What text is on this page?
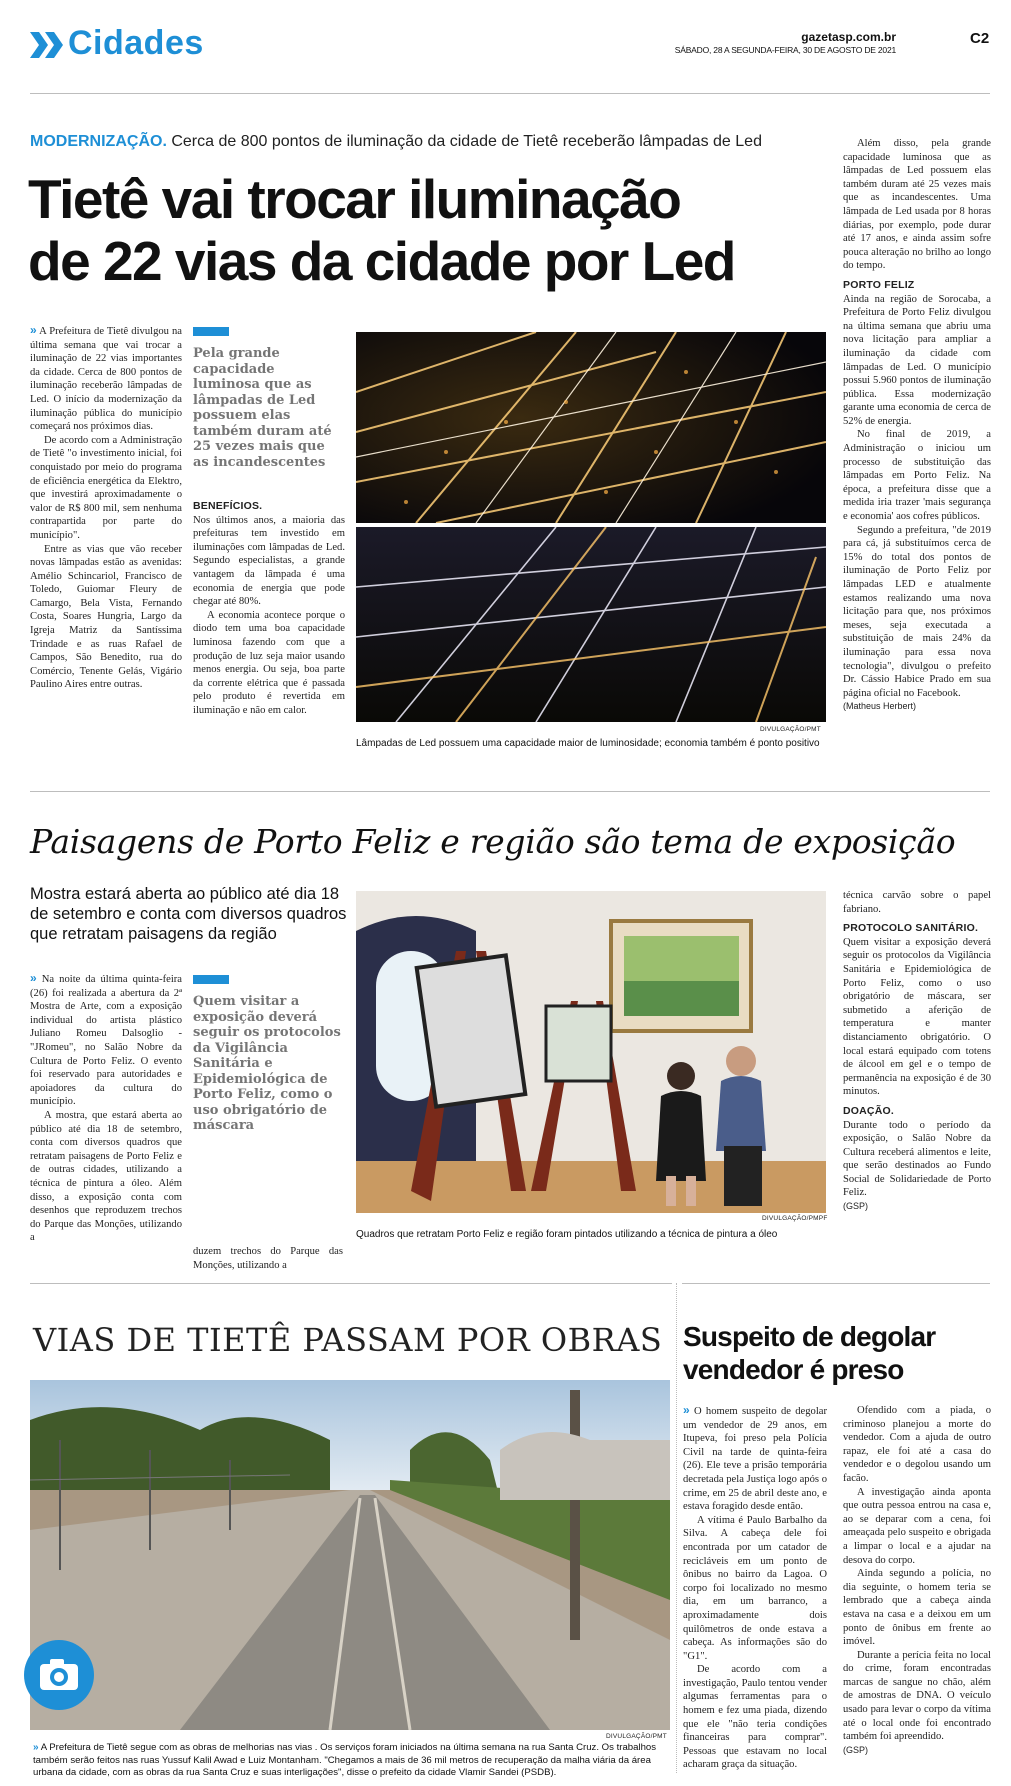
Cidades	gazetasp.com.br
SÁBADO, 28 A SEGUNDA-FEIRA, 30 DE AGOSTO DE 2021
C2
MODERNIZAÇÃO. Cerca de 800 pontos de iluminação da cidade de Tietê receberão lâmpadas de Led
Tietê vai trocar iluminação
de 22 vias da cidade por Led

» A Prefeitura de Tietê divulgou na última semana que vai trocar a iluminação de 22 vias importantes da cidade. Cerca de 800 pontos de iluminação receberão lâmpadas de Led. O início da modernização da iluminação pública do município começará nos próximos dias.

De acordo com a Administração de Tietê "o investimento inicial, foi conquistado por meio do programa de eficiência energética da Elektro, que investirá aproximadamente o valor de R$ 800 mil, sem nenhuma contrapartida por parte do município".

Entre as vias que vão receber novas lâmpadas estão as avenidas: Amélio Schincariol, Francisco de Toledo, Guiomar Fleury de Camargo, Bela Vista, Fernando Costa, Soares Hungria, Largo da Igreja Matriz da Santíssima Trindade e as ruas Rafael de Campos, São Benedito, rua do Comércio, Tenente Gelás, Vigário Paulino Aires entre outras.

Pela grande capacidade luminosa que as lâmpadas de Led possuem elas também duram até 25 vezes mais que as incandescentes

BENEFÍCIOS.

Nos últimos anos, a maioria das prefeituras tem investido em iluminações com lâmpadas de Led. Segundo especialistas, a grande vantagem da lâmpada é uma economia de energia que pode chegar até 80%.

A economia acontece porque o diodo tem uma boa capacidade luminosa fazendo com que a produção de luz seja maior usando menos energia. Ou seja, boa parte da corrente elétrica que é passada pelo produto é revertida em iluminação e não em calor.

DIVULGAÇÃO/PMT
Lâmpadas de Led possuem uma capacidade maior de luminosidade; economia também é ponto positivo

Além disso, pela grande capacidade luminosa que as lâmpadas de Led possuem elas também duram até 25 vezes mais que as incandescentes. Uma lâmpada de Led usada por 8 horas diárias, por exemplo, pode durar até 17 anos, e ainda assim sofre pouca alteração no brilho ao longo do tempo.

PORTO FELIZ

Ainda na região de Sorocaba, a Prefeitura de Porto Feliz divulgou na última semana que abriu uma nova licitação para ampliar a iluminação da cidade com lâmpadas de Led. O município possui 5.960 pontos de iluminação pública. Essa modernização garante uma economia de cerca de 52% de energia.

No final de 2019, a Administração o iniciou um processo de substituição das lâmpadas em Porto Feliz. Na época, a prefeitura disse que a medida iria trazer 'mais segurança e economia' aos cofres públicos.

Segundo a prefeitura, "de 2019 para cá, já substituímos cerca de 15% do total dos pontos de iluminação de Porto Feliz por lâmpadas LED e atualmente estamos realizando uma nova licitação para que, nos próximos meses, seja executada a substituição de mais 24% da iluminação para essa nova tecnologia", divulgou o prefeito Dr. Cássio Habice Prado em sua página oficial no Facebook.

(Matheus Herbert)

Paisagens de Porto Feliz e região são tema de exposição
Mostra estará aberta ao público até dia 18 de setembro e conta com diversos quadros que retratam paisagens da região

» Na noite da última quinta-feira (26) foi realizada a abertura da 2ª Mostra de Arte, com a exposição individual do artista plástico Juliano Romeu Dalsoglio - "JRomeu", no Salão Nobre da Cultura de Porto Feliz. O evento foi reservado para autoridades e apoiadores da cultura do município.

A mostra, que estará aberta ao público até dia 18 de setembro, conta com diversos quadros que retratam paisagens de Porto Feliz e de outras cidades, utilizando a técnica de pintura a óleo. Além disso, a exposição conta com desenhos que reproduzem trechos do Parque das Monções, utilizando a

Quem visitar a exposição deverá seguir os protocolos da Vigilância Sanitária e Epidemiológica de Porto Feliz, como o uso obrigatório de máscara

duzem trechos do Parque das Monções, utilizando a

DIVULGAÇÃO/PMPF
Quadros que retratam Porto Feliz e região foram pintados utilizando a técnica de pintura a óleo

técnica carvão sobre o papel fabriano.

PROTOCOLO SANITÁRIO.

Quem visitar a exposição deverá seguir os protocolos da Vigilância Sanitária e Epidemiológica de Porto Feliz, como o uso obrigatório de máscara, ser submetido a aferição de temperatura e manter distanciamento obrigatório. O local estará equipado com totens de álcool em gel e o tempo de permanência na exposição é de 30 minutos.

DOAÇÃO.

Durante todo o período da exposição, o Salão Nobre da Cultura receberá alimentos e leite, que serão destinados ao Fundo Social de Solidariedade de Porto Feliz.

(GSP)

VIAS DE TIETÊ PASSAM POR OBRAS
DIVULGAÇÃO/PMT
» A Prefeitura de Tietê segue com as obras de melhorias nas vias . Os serviços foram iniciados na última semana na rua Santa Cruz. Os trabalhos também serão feitos nas ruas Yussuf Kalil Awad e Luiz Montanham. "Chegamos a mais de 36 mil metros de recuperação da malha viária da área urbana da cidade, com as obras da rua Santa Cruz e suas interligações", disse o prefeito da cidade Vlamir Sandei (PSDB).
Suspeito de degolar
vendedor é preso

» O homem suspeito de degolar um vendedor de 29 anos, em Itupeva, foi preso pela Polícia Civil na tarde de quinta-feira (26). Ele teve a prisão temporária decretada pela Justiça logo após o crime, em 25 de abril deste ano, e estava foragido desde então.

A vítima é Paulo Barbalho da Silva. A cabeça dele foi encontrada por um catador de recicláveis em um ponto de ônibus no bairro da Lagoa. O corpo foi localizado no mesmo dia, em um barranco, a aproximadamente dois quilômetros de onde estava a cabeça. As informações são do "G1".

De acordo com a investigação, Paulo tentou vender algumas ferramentas para o homem e fez uma piada, dizendo que ele "não teria condições financeiras para comprar". Pessoas que estavam no local acharam graça da situação.

Ofendido com a piada, o criminoso planejou a morte do vendedor. Com a ajuda de outro rapaz, ele foi até a casa do vendedor e o degolou usando um facão.

A investigação ainda aponta que outra pessoa entrou na casa e, ao se deparar com a cena, foi ameaçada pelo suspeito e obrigada a limpar o local e a ajudar na desova do corpo.

Ainda segundo a polícia, no dia seguinte, o homem teria se lembrado que a cabeça ainda estava na casa e a deixou em um ponto de ônibus em frente ao imóvel.

Durante a perícia feita no local do crime, foram encontradas marcas de sangue no chão, além de amostras de DNA. O veículo usado para levar o corpo da vítima até o local onde foi encontrado também foi apreendido.

(GSP)
